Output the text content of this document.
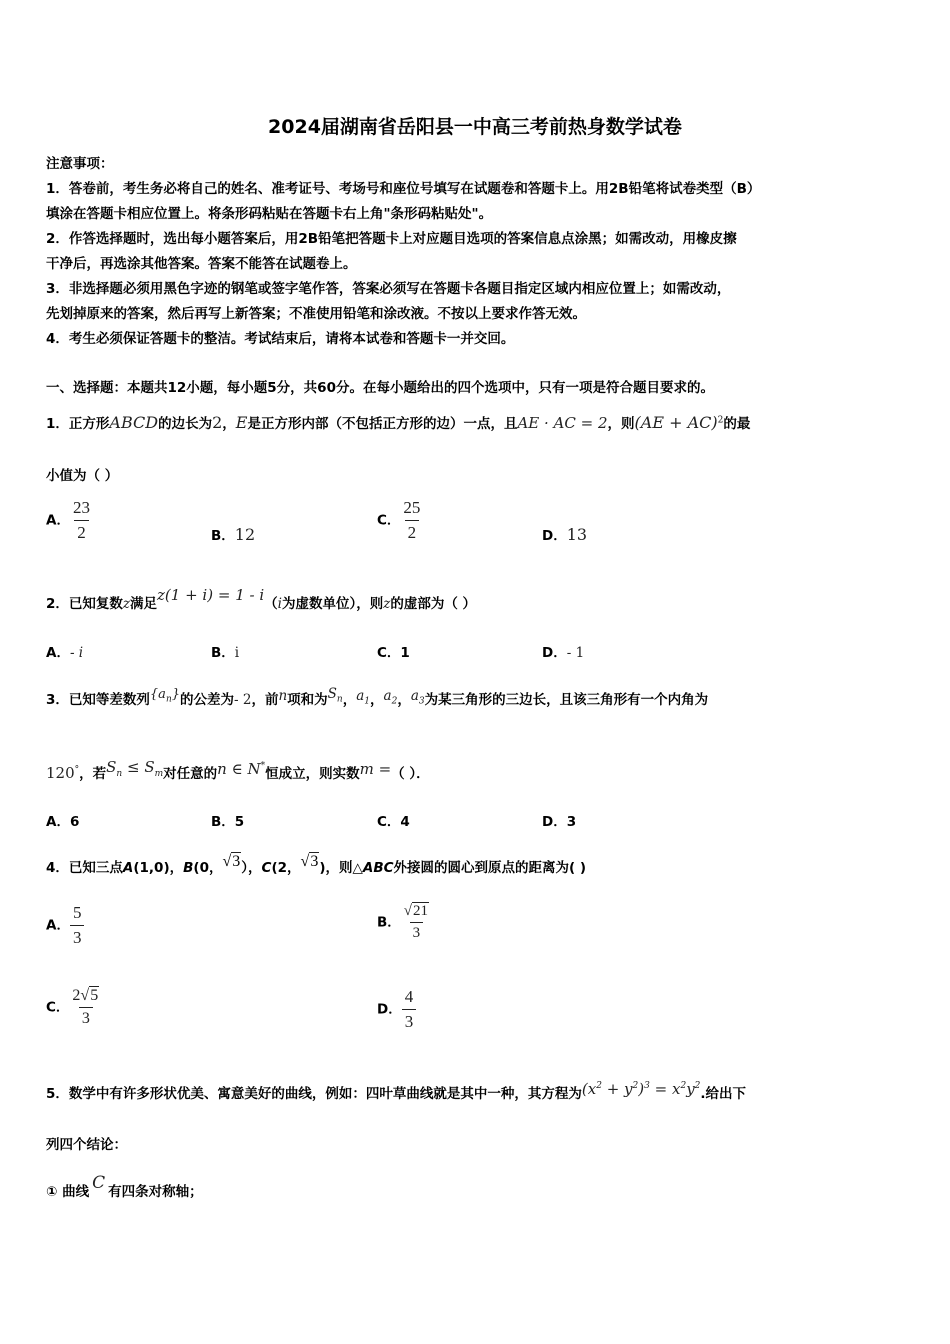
2024届湖南省岳阳县一中高三考前热身数学试卷
注意事项：
1．答卷前，考生务必将自己的姓名、准考证号、考场号和座位号填写在试题卷和答题卡上。用2B铅笔将试卷类型（B）
填涂在答题卡相应位置上。将条形码粘贴在答题卡右上角"条形码粘贴处"。
2．作答选择题时，选出每小题答案后，用2B铅笔把答题卡上对应题目选项的答案信息点涂黑；如需改动，用橡皮擦
干净后，再选涂其他答案。答案不能答在试题卷上。
3．非选择题必须用黑色字迹的钢笔或签字笔作答，答案必须写在答题卡各题目指定区域内相应位置上；如需改动，
先划掉原来的答案，然后再写上新答案；不准使用铅笔和涂改液。不按以上要求作答无效。
4．考生必须保证答题卡的整洁。考试结束后，请将本试卷和答题卡一并交回。
一、选择题：本题共12小题，每小题5分，共60分。在每小题给出的四个选项中，只有一项是符合题目要求的。
1．正方形ABCD的边长为2，E是正方形内部（不包括正方形的边）一点，且AE · AC = 2，则(AE + AC)$^2$的最
小值为（ ）
A． $\frac{23}{2}$	B．12
C． $\frac{25}{2}$	D．13
2．已知复数z满足z(1 + i) = 1 - i（i为虚数单位），则z的虚部为（ ）
A．- i	B．i	C．1	D．- 1
3．已知等差数列$\{a_n\}$的公差为- 2，前n项和为$S_n$，$a_1$，$a_2$，$a_3$为某三角形的三边长，且该三角形有一个内角为
120°，若$S_n \le S_m$对任意的n ∈ N*恒成立，则实数m =（ ）．
A．6	B．5	C．4	D．3
4．已知三点A(1,0)，B(0，√3），C(2，√3)，则△ABC外接圆的圆心到原点的距离为( )
A． $\frac{5}{3}$	B． $\frac{√21}{3}$
C． $\frac{2√5}{3}$	D． $\frac{4}{3}$
5．数学中有许多形状优美、寓意美好的曲线，例如：四叶草曲线就是其中一种，其方程为$(x^2 + y^2)^3 = x^2y^2$.给出下
列四个结论：
① 曲线 C 有四条对称轴；
